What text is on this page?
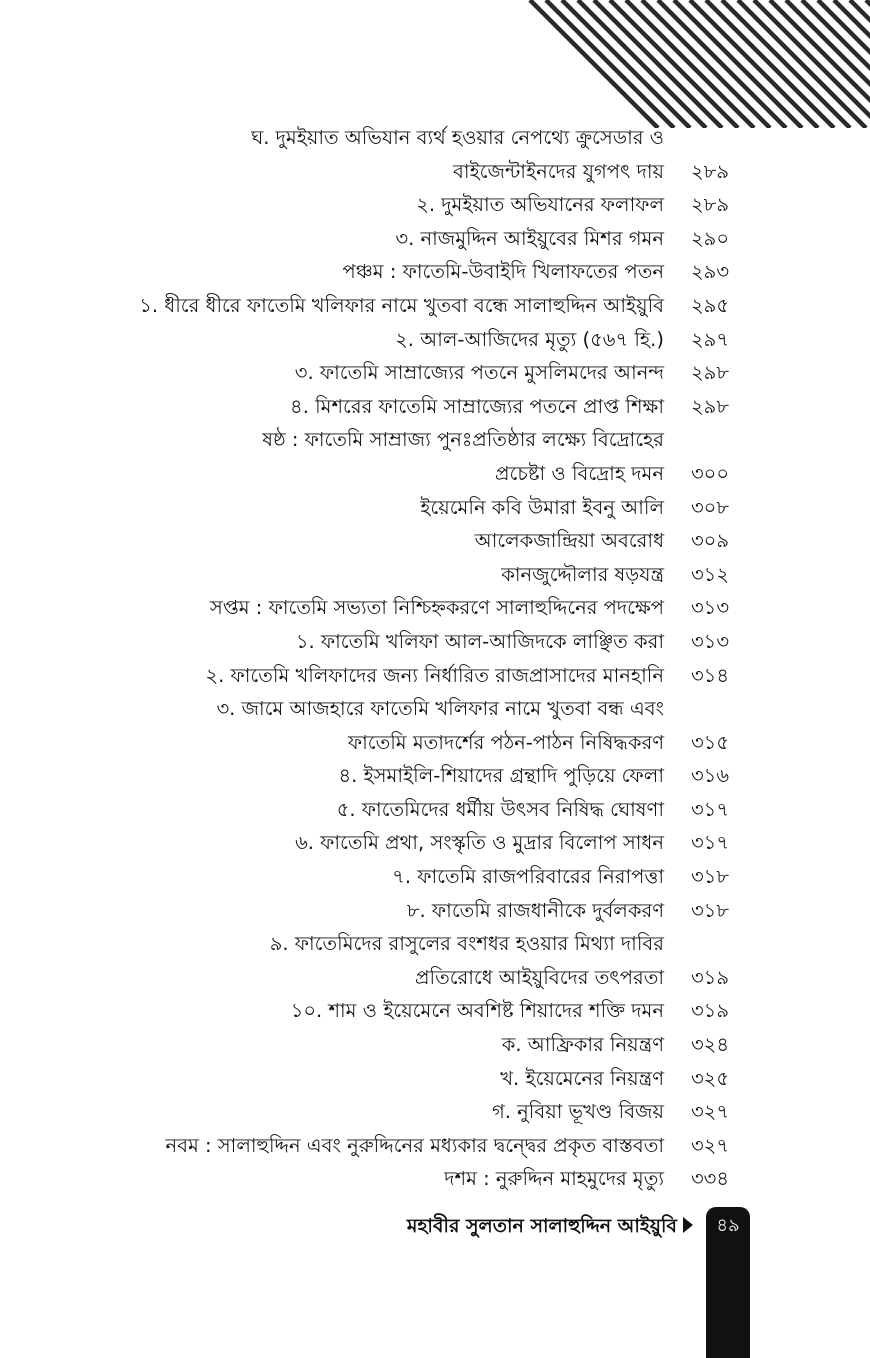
ঘ. দুমইয়াত অভিযান ব্যর্থ হওয়ার নেপথ্যে ক্রুসেডার ও
বাইজেন্টাইনদের যুগপৎ দায় ২৮৯
২. দুমইয়াত অভিযানের ফলাফল ২৮৯
৩. নাজমুদ্দিন আইয়ুবের মিশর গমন ২৯০
পঞ্চম : ফাতেমি-উবাইদি খিলাফতের পতন ২৯৩
১. ধীরে ধীরে ফাতেমি খলিফার নামে খুতবা বন্ধে সালাহুদ্দিন আইয়ুবি ২৯৫
২. আল-আজিদের মৃত্যু (৫৬৭ হি.) ২৯৭
৩. ফাতেমি সাম্রাজ্যের পতনে মুসলিমদের আনন্দ ২৯৮
৪. মিশরের ফাতেমি সাম্রাজ্যের পতনে প্রাপ্ত শিক্ষা ২৯৮
ষষ্ঠ : ফাতেমি সাম্রাজ্য পুনঃপ্রতিষ্ঠার লক্ষ্যে বিদ্রোহের
প্রচেষ্টা ও বিদ্রোহ দমন ৩০০
ইয়েমেনি কবি উমারা ইবনু আলি ৩০৮
আলেকজান্দ্রিয়া অবরোধ ৩০৯
কানজুদ্দৌলার ষড়যন্ত্র ৩১২
সপ্তম : ফাতেমি সভ্যতা নিশ্চিহ্নকরণে সালাহুদ্দিনের পদক্ষেপ ৩১৩
১. ফাতেমি খলিফা আল-আজিদকে লাঞ্ছিত করা ৩১৩
২. ফাতেমি খলিফাদের জন্য নির্ধারিত রাজপ্রাসাদের মানহানি ৩১৪
৩. জামে আজহারে ফাতেমি খলিফার নামে খুতবা বন্ধ এবং
ফাতেমি মতাদর্শের পঠন-পাঠন নিষিদ্ধকরণ ৩১৫
৪. ইসমাইলি-শিয়াদের গ্রন্থাদি পুড়িয়ে ফেলা ৩১৬
৫. ফাতেমিদের ধর্মীয় উৎসব নিষিদ্ধ ঘোষণা ৩১৭
৬. ফাতেমি প্রথা, সংস্কৃতি ও মুদ্রার বিলোপ সাধন ৩১৭
৭. ফাতেমি রাজপরিবারের নিরাপত্তা ৩১৮
৮. ফাতেমি রাজধানীকে দুর্বলকরণ ৩১৮
৯. ফাতেমিদের রাসুলের বংশধর হওয়ার মিথ্যা দাবির
প্রতিরোধে আইয়ুবিদের তৎপরতা ৩১৯
১০. শাম ও ইয়েমেনে অবশিষ্ট শিয়াদের শক্তি দমন ৩১৯
ক. আফ্রিকার নিয়ন্ত্রণ ৩২৪
খ. ইয়েমেনের নিয়ন্ত্রণ ৩২৫
গ. নুবিয়া ভূখণ্ড বিজয় ৩২৭
নবম : সালাহুদ্দিন এবং নুরুদ্দিনের মধ্যকার দ্বন্দ্বের প্রকৃত বাস্তবতা ৩২৭
দশম : নুরুদ্দিন মাহমুদের মৃত্যু ৩৩৪
মহাবীর সুলতান সালাহুদ্দিন আইয়ুবি	৪৯
